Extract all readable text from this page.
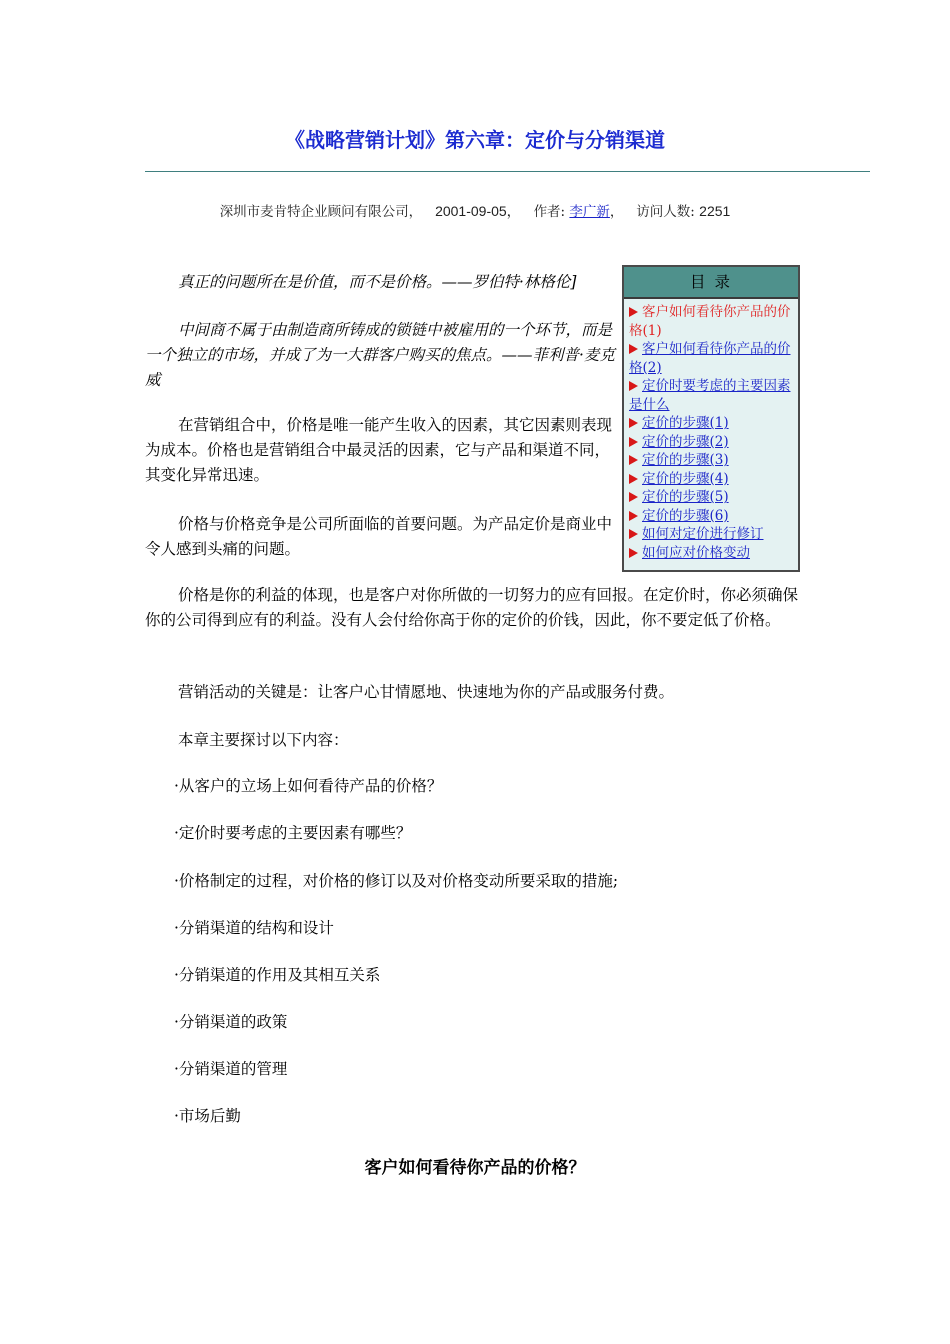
《战略营销计划》第六章：定价与分销渠道
深圳市麦肯特企业顾问有限公司， 2001-09-05， 作者: 李广新， 访问人数: 2251

真正的问题所在是价值，而不是价格。——罗伯特·林格伦]

中间商不属于由制造商所铸成的锁链中被雇用的一个环节，而是一个独立的市场，并成了为一大群客户购买的焦点。——菲利普·麦克威

在营销组合中，价格是唯一能产生收入的因素，其它因素则表现为成本。价格也是营销组合中最灵活的因素，它与产品和渠道不同，其变化异常迅速。

价格与价格竞争是公司所面临的首要问题。为产品定价是商业中令人感到头痛的问题。

价格是你的利益的体现，也是客户对你所做的一切努力的应有回报。在定价时，你必须确保你的公司得到应有的利益。没有人会付给你高于你的定价的价钱，因此，你不要定低了价格。

营销活动的关键是：让客户心甘情愿地、快速地为你的产品或服务付费。

本章主要探讨以下内容：

·从客户的立场上如何看待产品的价格？
·定价时要考虑的主要因素有哪些？
·价格制定的过程，对价格的修订以及对价格变动所要采取的措施;
·分销渠道的结构和设计
·分销渠道的作用及其相互关系
·分销渠道的政策
·分销渠道的管理
·市场后勤
客户如何看待你产品的价格？
目 录
客户如何看待你产品的价格(1)
客户如何看待你产品的价格(2)
定价时要考虑的主要因素是什么
定价的步骤(1)
定价的步骤(2)
定价的步骤(3)
定价的步骤(4)
定价的步骤(5)
定价的步骤(6)
如何对定价进行修订
如何应对价格变动
